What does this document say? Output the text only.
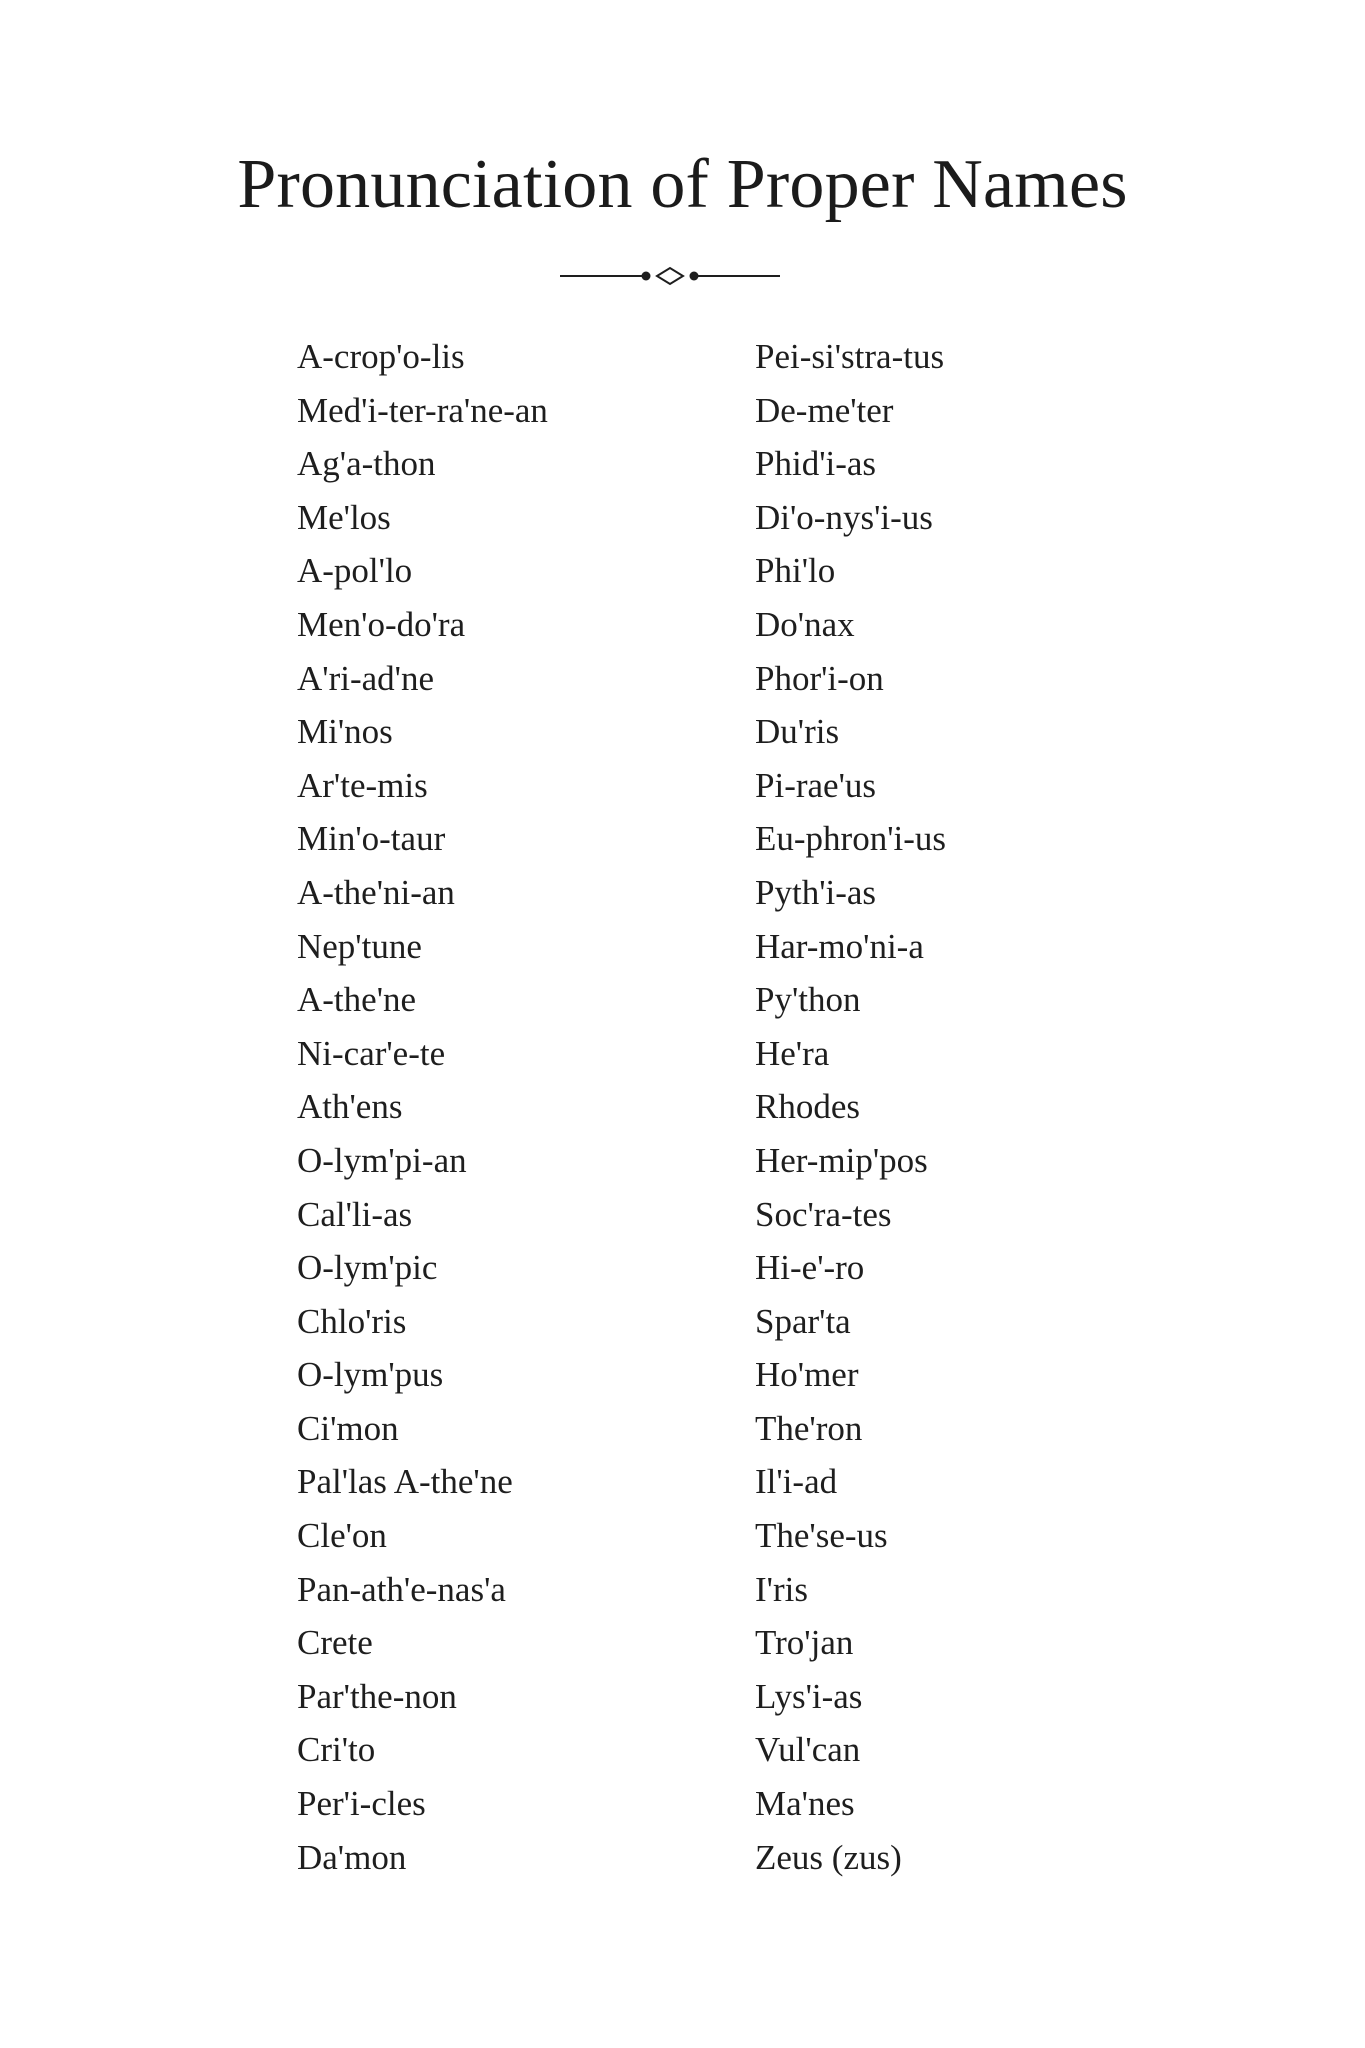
Pronunciation of Proper Names
A-crop'o-lis
Med'i-ter-ra'ne-an
Ag'a-thon
Me'los
A-pol'lo
Men'o-do'ra
A'ri-ad'ne
Mi'nos
Ar'te-mis
Min'o-taur
A-the'ni-an
Nep'tune
A-the'ne
Ni-car'e-te
Ath'ens
O-lym'pi-an
Cal'li-as
O-lym'pic
Chlo'ris
O-lym'pus
Ci'mon
Pal'las A-the'ne
Cle'on
Pan-ath'e-nas'a
Crete
Par'the-non
Cri'to
Per'i-cles
Da'mon
Pei-si'stra-tus
De-me'ter
Phid'i-as
Di'o-nys'i-us
Phi'lo
Do'nax
Phor'i-on
Du'ris
Pi-rae'us
Eu-phron'i-us
Pyth'i-as
Har-mo'ni-a
Py'thon
He'ra
Rhodes
Her-mip'pos
Soc'ra-tes
Hi-e'-ro
Spar'ta
Ho'mer
The'ron
Il'i-ad
The'se-us
I'ris
Tro'jan
Lys'i-as
Vul'can
Ma'nes
Zeus (zus)
